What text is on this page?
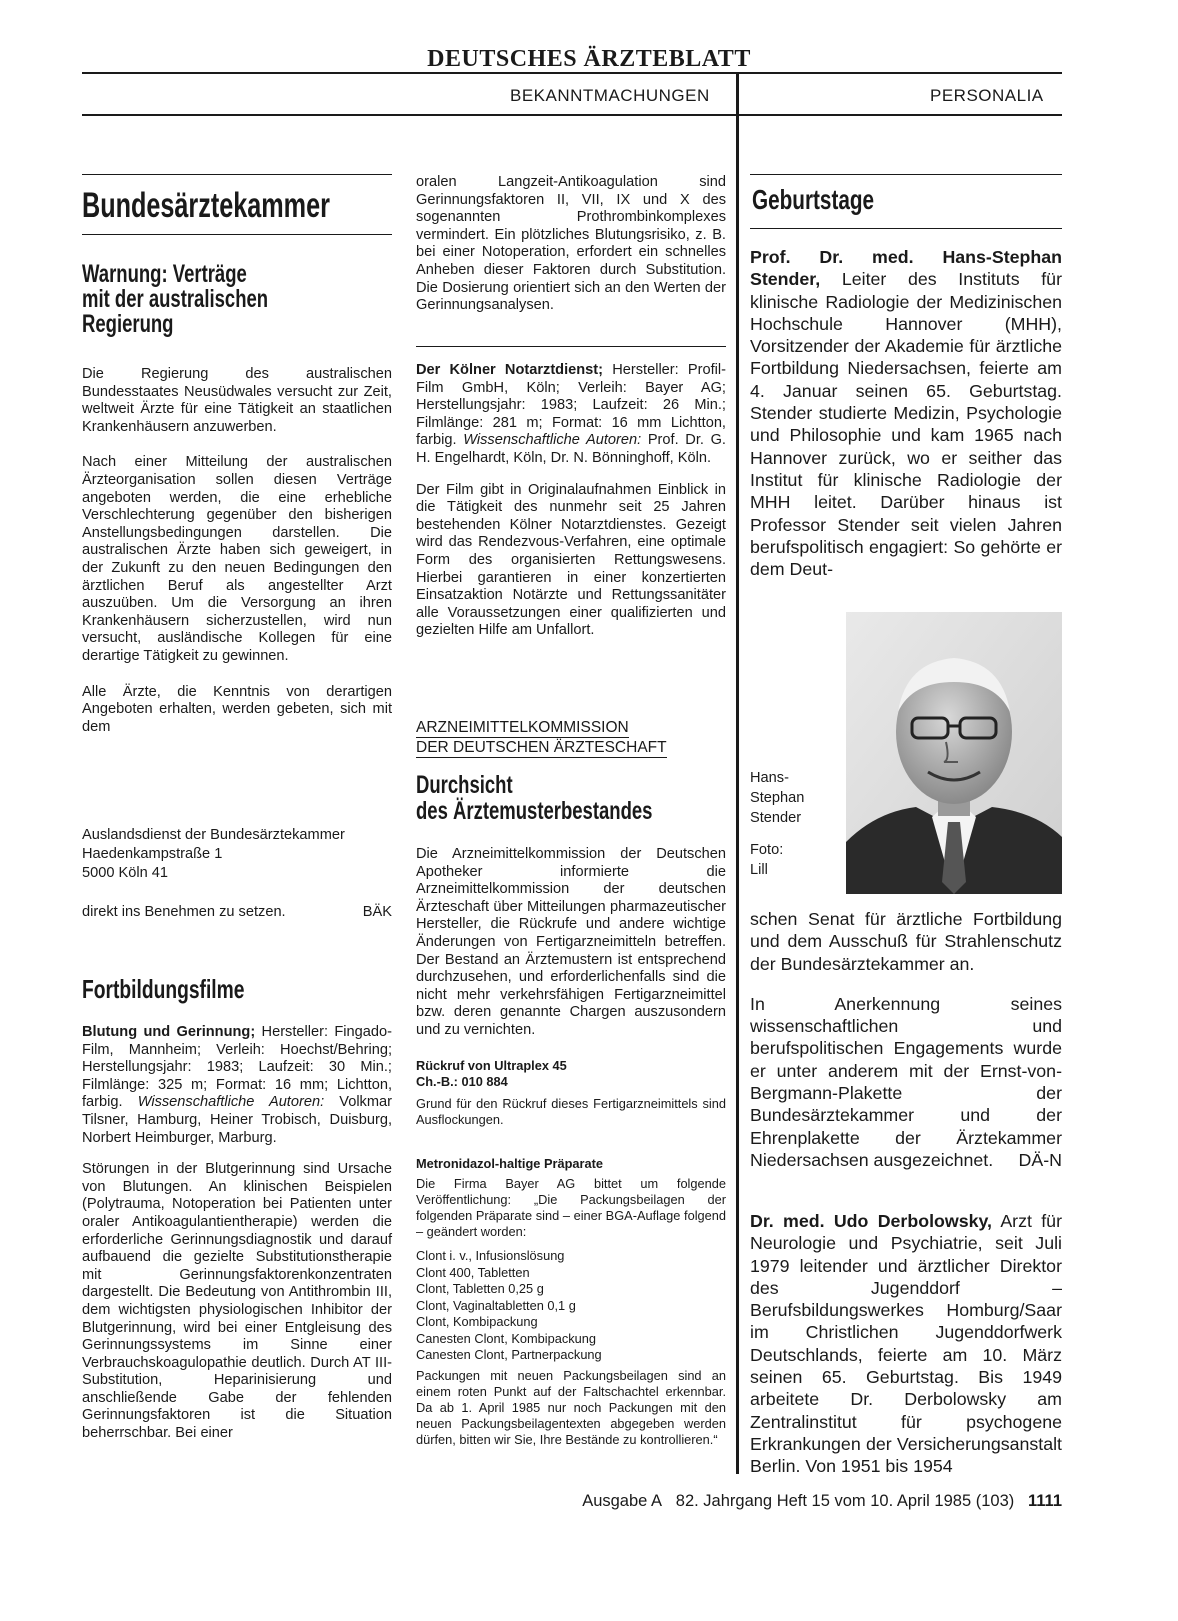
DEUTSCHES ÄRZTEBLATT
BEKANNTMACHUNGEN	PERSONALIA
Bundesärztekammer
Warnung: Verträge
mit der australischen
Regierung

Die Regierung des australischen Bundesstaates Neusüdwales versucht zur Zeit, weltweit Ärzte für eine Tätigkeit an staatlichen Krankenhäusern anzuwerben.

Nach einer Mitteilung der australischen Ärzteorganisation sollen diesen Verträge angeboten werden, die eine erhebliche Verschlechterung gegenüber den bisherigen Anstellungsbedingungen darstellen. Die australischen Ärzte haben sich geweigert, in der Zukunft zu den neuen Bedingungen den ärztlichen Beruf als angestellter Arzt auszuüben. Um die Versorgung an ihren Krankenhäusern sicherzustellen, wird nun versucht, ausländische Kollegen für eine derartige Tätigkeit zu gewinnen.

Alle Ärzte, die Kenntnis von derartigen Angeboten erhalten, werden gebeten, sich mit dem

Auslandsdienst der Bundesärztekammer
Haedenkampstraße 1
5000 Köln 41
direkt ins Benehmen zu setzen.	BÄK
Fortbildungsfilme

Blutung und Gerinnung; Hersteller: Fingado-Film, Mannheim; Verleih: Hoechst/Behring; Herstellungsjahr: 1983; Laufzeit: 30 Min.; Filmlänge: 325 m; Format: 16 mm; Lichtton, farbig. Wissenschaftliche Autoren: Volkmar Tilsner, Hamburg, Heiner Trobisch, Duisburg, Norbert Heimburger, Marburg.

Störungen in der Blutgerinnung sind Ursache von Blutungen. An klinischen Beispielen (Polytrauma, Notoperation bei Patienten unter oraler Antikoagulantientherapie) werden die erforderliche Gerinnungsdiagnostik und darauf aufbauend die gezielte Substitutionstherapie mit Gerinnungsfaktorenkonzentraten dargestellt. Die Bedeutung von Antithrombin III, dem wichtigsten physiologischen Inhibitor der Blutgerinnung, wird bei einer Entgleisung des Gerinnungssystems im Sinne einer Verbrauchskoagulopathie deutlich. Durch AT III-Substitution, Heparinisierung und anschließende Gabe der fehlenden Gerinnungsfaktoren ist die Situation beherrschbar. Bei einer

oralen Langzeit-Antikoagulation sind Gerinnungsfaktoren II, VII, IX und X des sogenannten Prothrombinkomplexes vermindert. Ein plötzliches Blutungsrisiko, z. B. bei einer Notoperation, erfordert ein schnelles Anheben dieser Faktoren durch Substitution. Die Dosierung orientiert sich an den Werten der Gerinnungsanalysen.

Der Kölner Notarztdienst; Hersteller: Profil-Film GmbH, Köln; Verleih: Bayer AG; Herstellungsjahr: 1983; Laufzeit: 26 Min.; Filmlänge: 281 m; Format: 16 mm Lichtton, farbig. Wissenschaftliche Autoren: Prof. Dr. G. H. Engelhardt, Köln, Dr. N. Bönninghoff, Köln.

Der Film gibt in Originalaufnahmen Einblick in die Tätigkeit des nunmehr seit 25 Jahren bestehenden Kölner Notarztdienstes. Gezeigt wird das Rendezvous-Verfahren, eine optimale Form des organisierten Rettungswesens. Hierbei garantieren in einer konzertierten Einsatzaktion Notärzte und Rettungssanitäter alle Voraussetzungen einer qualifizierten und gezielten Hilfe am Unfallort.

ARZNEIMITTELKOMMISSION
DER DEUTSCHEN ÄRZTESCHAFT
Durchsicht
des Ärztemusterbestandes

Die Arzneimittelkommission der Deutschen Apotheker informierte die Arzneimittelkommission der deutschen Ärzteschaft über Mitteilungen pharmazeutischer Hersteller, die Rückrufe und andere wichtige Änderungen von Fertigarzneimitteln betreffen. Der Bestand an Ärztemustern ist entsprechend durchzusehen, und erforderlichenfalls sind die nicht mehr verkehrsfähigen Fertigarzneimittel bzw. deren genannte Chargen auszusondern und zu vernichten.

Rückruf von Ultraplex 45
Ch.-B.: 010 884
Grund für den Rückruf dieses Fertigarzneimittels sind Ausflockungen.
Metronidazol-haltige Präparate
Die Firma Bayer AG bittet um folgende Veröffentlichung: „Die Packungsbeilagen der folgenden Präparate sind – einer BGA-Auflage folgend – geändert worden:
Clont i. v., Infusionslösung
Clont 400, Tabletten
Clont, Tabletten 0,25 g
Clont, Vaginaltabletten 0,1 g
Clont, Kombipackung
Canesten Clont, Kombipackung
Canesten Clont, Partnerpackung
Packungen mit neuen Packungsbeilagen sind an einem roten Punkt auf der Faltschachtel erkennbar. Da ab 1. April 1985 nur noch Packungen mit den neuen Packungsbeilagentexten abgegeben werden dürfen, bitten wir Sie, Ihre Bestände zu kontrollieren.“
Geburtstage
Prof. Dr. med. Hans-Stephan Stender, Leiter des Instituts für klinische Radiologie der Medizinischen Hochschule Hannover (MHH), Vorsitzender der Akademie für ärztliche Fortbildung Niedersachsen, feierte am 4. Januar seinen 65. Geburtstag. Stender studierte Medizin, Psychologie und Philosophie und kam 1965 nach Hannover zurück, wo er seither das Institut für klinische Radiologie der MHH leitet. Darüber hinaus ist Professor Stender seit vielen Jahren berufspolitisch engagiert: So gehörte er dem Deut-
Hans-
Stephan
Stender
Foto:
Lill

schen Senat für ärztliche Fortbildung und dem Ausschuß für Strahlenschutz der Bundesärztekammer an.

In Anerkennung seines wissenschaftlichen und berufspolitischen Engagements wurde er unter anderem mit der Ernst-von-Bergmann-Plakette der Bundesärztekammer und der Ehrenplakette der Ärztekammer Niedersachsen ausgezeichnet. DÄ-N

Dr. med. Udo Derbolowsky, Arzt für Neurologie und Psychiatrie, seit Juli 1979 leitender und ärztlicher Direktor des Jugenddorf – Berufsbildungswerkes Homburg/Saar im Christlichen Jugenddorfwerk Deutschlands, feierte am 10. März seinen 65. Geburtstag. Bis 1949 arbeitete Dr. Derbolowsky am Zentralinstitut für psychogene Erkrankungen der Versicherungsanstalt Berlin. Von 1951 bis 1954
Ausgabe A 82. Jahrgang Heft 15 vom 10. April 1985 (103) 1111
